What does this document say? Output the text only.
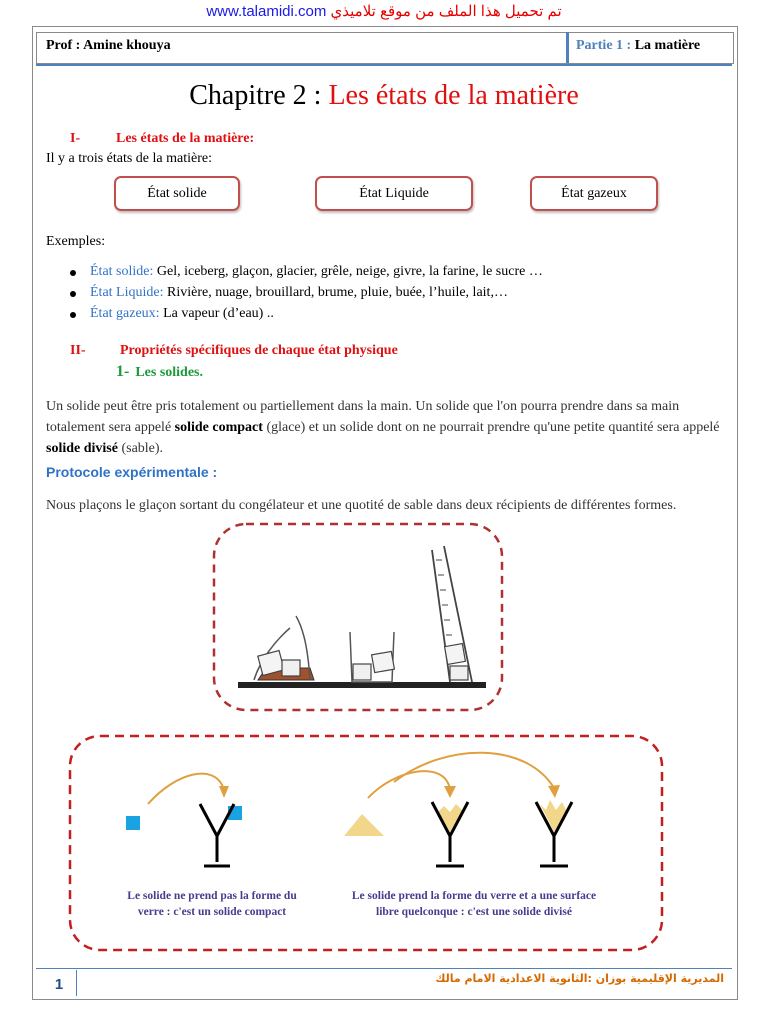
www.talamidi.com تم تحميل هذا الملف من موقع تلاميذي
Prof : Amine khouya	Partie 1 : La matière
Chapitre 2 : Les états de la matière
I-	Les états de la matière:
Il y a trois états de la matière:
État solide	État Liquide	État gazeux
Exemples:
État solide: Gel, iceberg, glaçon, glacier, grêle, neige, givre, la farine, le sucre …
État Liquide: Rivière, nuage, brouillard, brume, pluie, buée, l’huile, lait,…
État gazeux: La vapeur (d’eau) ..
II- Propriétés spécifiques de chaque état physique
1- Les solides.
Un solide peut être pris totalement ou partiellement dans la main. Un solide que l'on pourra prendre dans sa main totalement sera appelé solide compact (glace) et un solide dont on ne pourrait prendre qu'une petite quantité sera appelé solide divisé (sable).
Protocole expérimentale :
Nous plaçons le glaçon sortant du congélateur et une quotité de sable dans deux récipients de différentes formes.
Le solide ne prend pas la forme du
verre : c'est un solide compact
Le solide prend la forme du verre et a une surface
libre quelconque : c'est une solide divisé
1	المديرية الإقليمية بوزان :الثانوية الاعدادية الامام مالك
